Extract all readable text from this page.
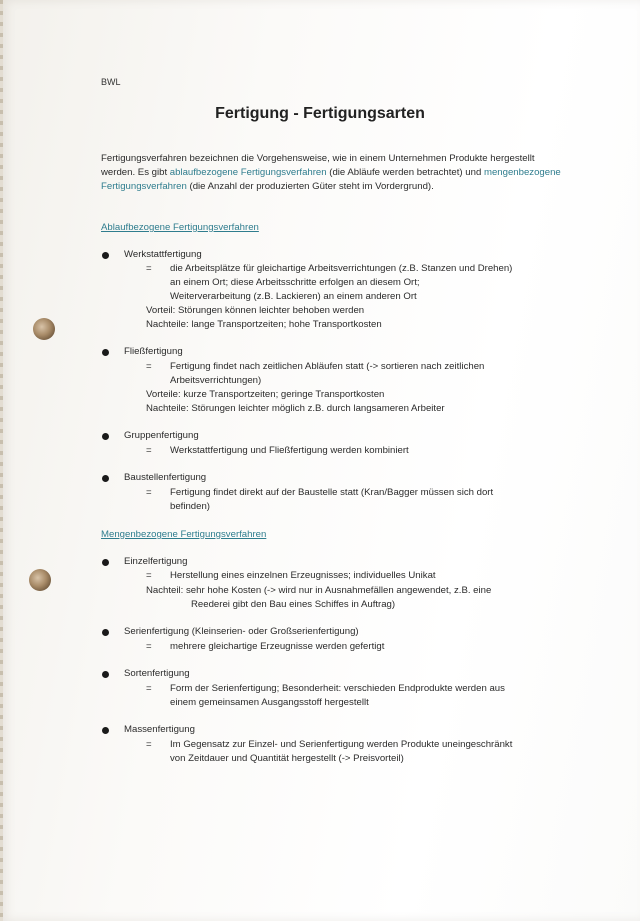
BWL
Fertigung - Fertigungsarten
Fertigungsverfahren bezeichnen die Vorgehensweise, wie in einem Unternehmen Produkte hergestellt werden. Es gibt ablaufbezogene Fertigungsverfahren (die Abläufe werden betrachtet) und mengenbezogene Fertigungsverfahren (die Anzahl der produzierten Güter steht im Vordergrund).
Ablaufbezogene Fertigungsverfahren
Werkstattfertigung
= die Arbeitsplätze für gleichartige Arbeitsverrichtungen (z.B. Stanzen und Drehen)
an einem Ort; diese Arbeitsschritte erfolgen an diesem Ort;
Weiterverarbeitung (z.B. Lackieren) an einem anderen Ort
Vorteil: Störungen können leichter behoben werden
Nachteile: lange Transportzeiten; hohe Transportkosten
Fließfertigung
= Fertigung findet nach zeitlichen Abläufen statt (-> sortieren nach zeitlichen
Arbeitsverrichtungen)
Vorteile: kurze Transportzeiten; geringe Transportkosten
Nachteile: Störungen leichter möglich z.B. durch langsameren Arbeiter
Gruppenfertigung
= Werkstattfertigung und Fließfertigung werden kombiniert
Baustellenfertigung
= Fertigung findet direkt auf der Baustelle statt (Kran/Bagger müssen sich dort
befinden)
Mengenbezogene Fertigungsverfahren
Einzelfertigung
= Herstellung eines einzelnen Erzeugnisses; individuelles Unikat
Nachteil: sehr hohe Kosten (-> wird nur in Ausnahmefällen angewendet, z.B. eine
Reederei gibt den Bau eines Schiffes in Auftrag)
Serienfertigung (Kleinserien- oder Großserienfertigung)
= mehrere gleichartige Erzeugnisse werden gefertigt
Sortenfertigung
= Form der Serienfertigung; Besonderheit: verschieden Endprodukte werden aus
einem gemeinsamen Ausgangsstoff hergestellt
Massenfertigung
= Im Gegensatz zur Einzel- und Serienfertigung werden Produkte uneingeschränkt
von Zeitdauer und Quantität hergestellt (-> Preisvorteil)
